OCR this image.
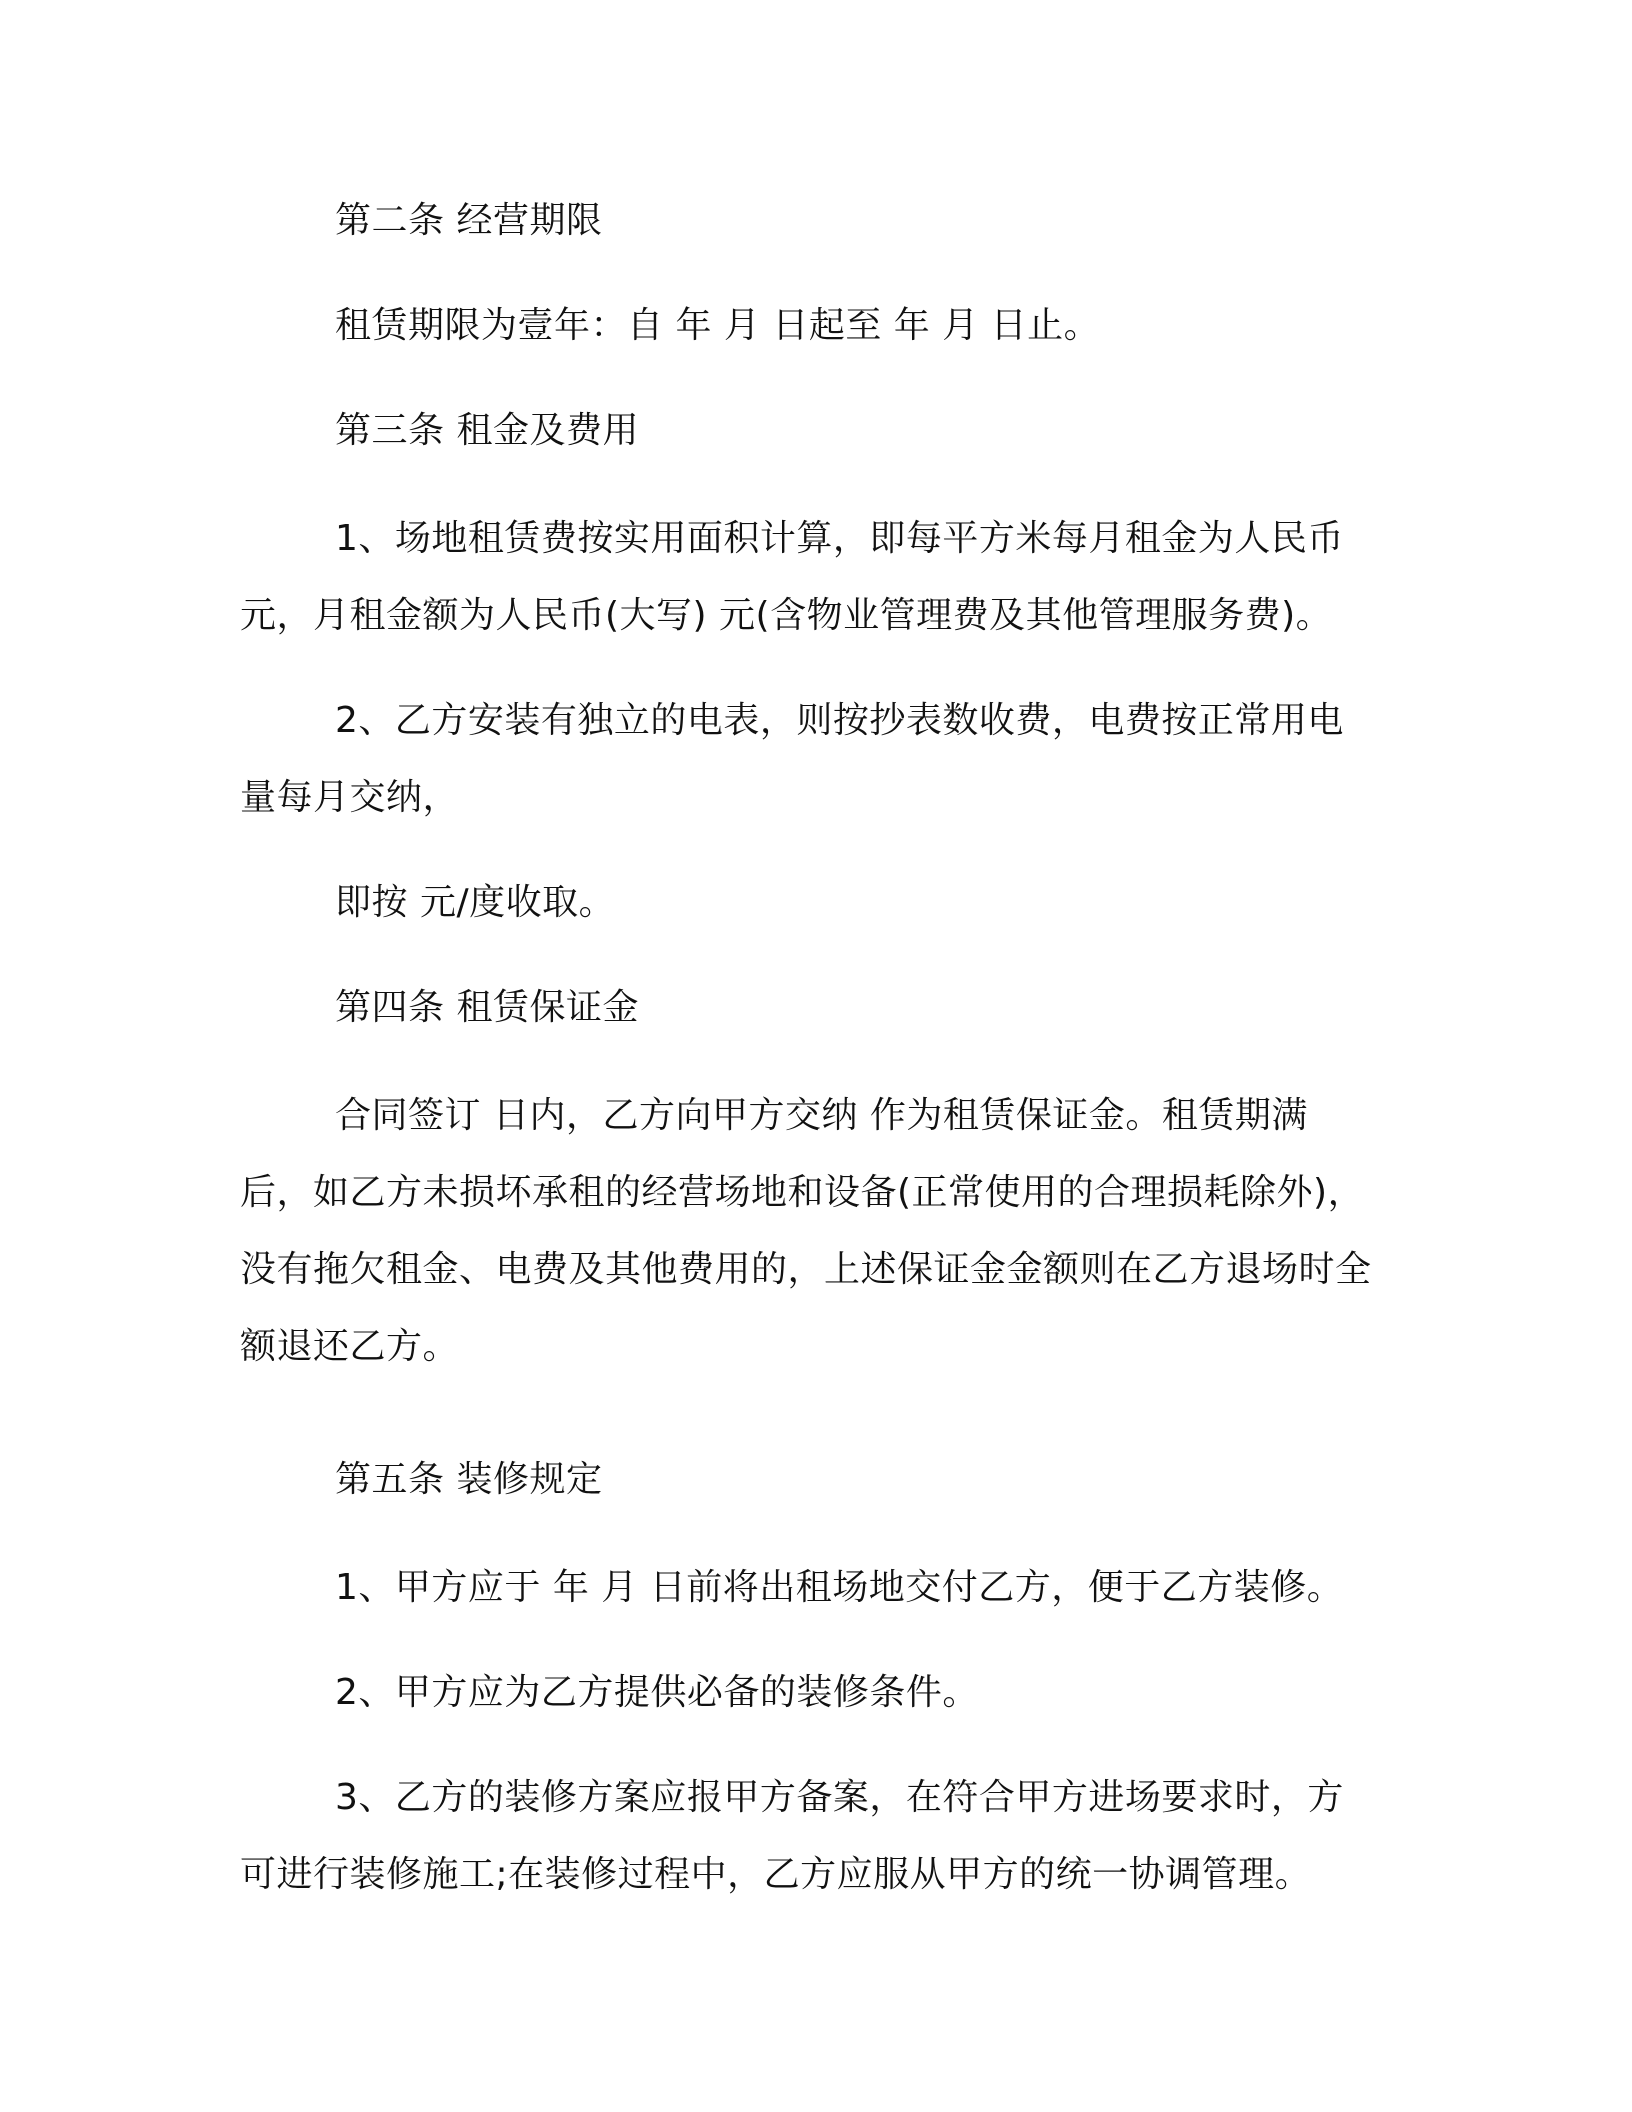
第二条 经营期限

租赁期限为壹年：自 年 月 日起至 年 月 日止。

第三条 租金及费用

1、场地租赁费按实用面积计算，即每平方米每月租金为人民币 元，月租金额为人民币(大写) 元(含物业管理费及其他管理服务费)。

2、乙方安装有独立的电表，则按抄表数收费，电费按正常用电量每月交纳，

即按 元/度收取。

第四条 租赁保证金

合同签订 日内，乙方向甲方交纳 作为租赁保证金。租赁期满后，如乙方未损坏承租的经营场地和设备(正常使用的合理损耗除外)，没有拖欠租金、电费及其他费用的，上述保证金金额则在乙方退场时全额退还乙方。

第五条 装修规定

1、甲方应于 年 月 日前将出租场地交付乙方，便于乙方装修。

2、甲方应为乙方提供必备的装修条件。

3、乙方的装修方案应报甲方备案，在符合甲方进场要求时，方可进行装修施工;在装修过程中，乙方应服从甲方的统一协调管理。
